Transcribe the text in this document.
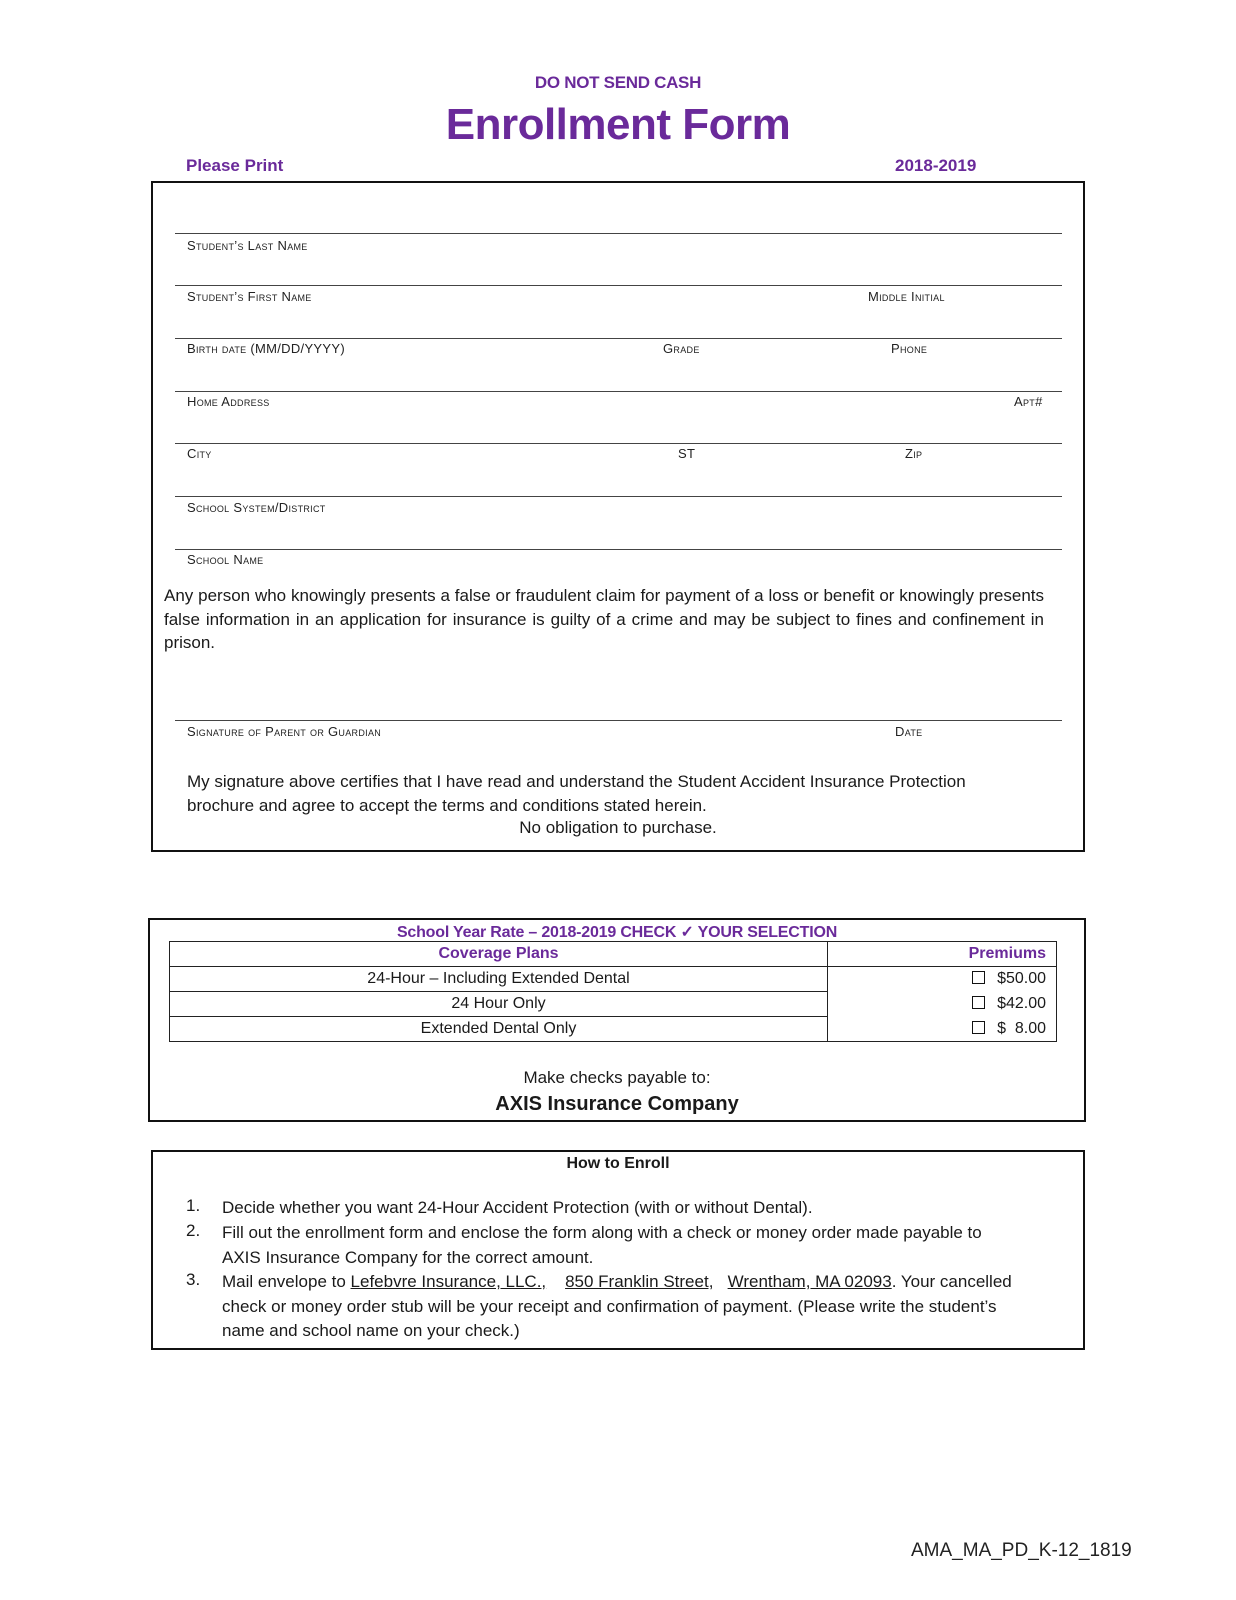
DO NOT SEND CASH
Enrollment Form
Please Print	2018-2019
Student’s Last Name
Student’s First Name	Middle Initial
Birth date (MM/DD/YYYY)	Grade	Phone
Home Address	Apt#
City	ST	Zip
School System/District
School Name
Any person who knowingly presents a false or fraudulent claim for payment of a loss or benefit or knowingly presents false information in an application for insurance is guilty of a crime and may be subject to fines and confinement in prison.
Signature of Parent or Guardian	Date
My signature above certifies that I have read and understand the Student Accident Insurance Protection brochure and agree to accept the terms and conditions stated herein.
No obligation to purchase.
School Year Rate – 2018-2019 CHECK ✓ YOUR SELECTION
Coverage Plans	Premiums
24-Hour – Including Extended Dental	$50.00
24 Hour Only	$42.00
Extended Dental Only	$  8.00
Make checks payable to:
AXIS Insurance Company
How to Enroll
1. Decide whether you want 24-Hour Accident Protection (with or without Dental).
2. Fill out the enrollment form and enclose the form along with a check or money order made payable to AXIS Insurance Company for the correct amount.
3. Mail envelope to Lefebvre Insurance, LLC., 850 Franklin Street, Wrentham, MA 02093. Your cancelled check or money order stub will be your receipt and confirmation of payment. (Please write the student’s name and school name on your check.)
AMA_MA_PD_K-12_1819
